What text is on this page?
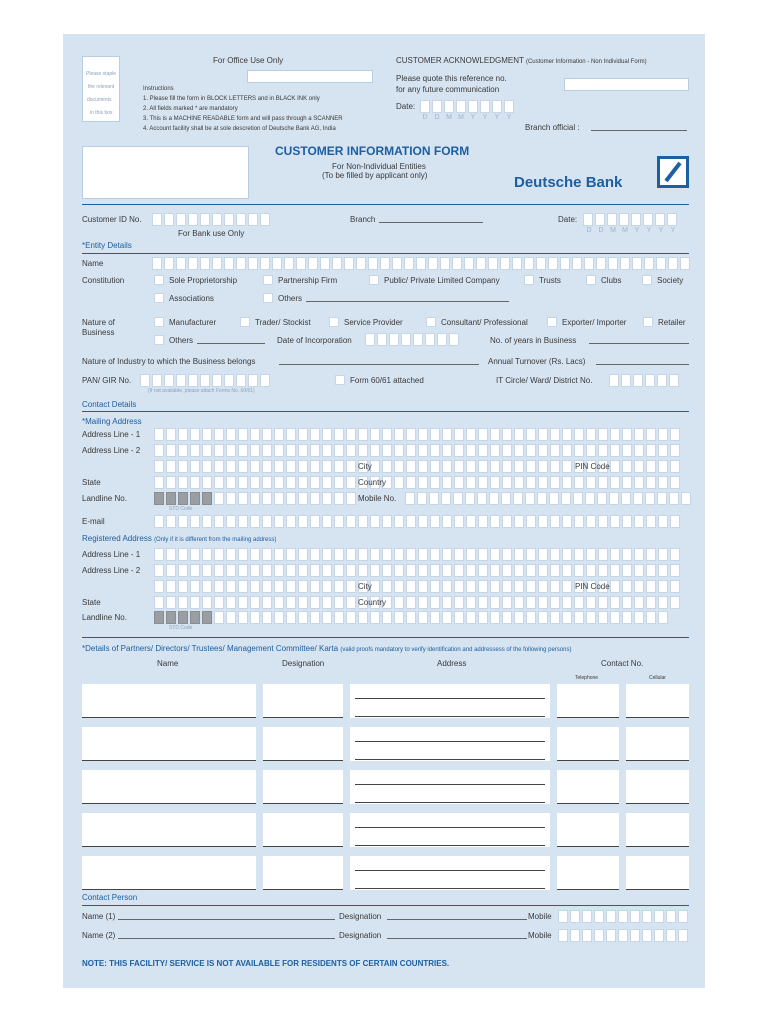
For Office Use Only
Please staple
the relevant
documents
in this box
Instructions
1. Please fill the form in BLOCK LETTERS and in BLACK INK only
2. All fields marked * are mandatory
3. This is a MACHINE READABLE form and will pass through a SCANNER
4. Account facility shall be at sole descretion of Deutsche Bank AG, India
CUSTOMER ACKNOWLEDGMENT (Customer Information - Non Individual Form)
Please quote this reference no.
for any future communication
Date:
D D M M Y	Y	Y	Y
Branch official :
CUSTOMER INFORMATION FORM
For Non-Individual Entities
(To be filled by applicant only)	Deutsche Bank
Customer ID No.
For Bank use Only
Branch	Date:
D D M M Y	Y	Y	Y
*Entity Details
Name
Constitution	Sole Proprietorship	Partnership Firm	Public/ Private Limited Company	Trusts	Clubs	Society
Associations	Others
Nature of
Business
Manufacturer	Trader/ Stockist	Service Provider	Consultant/ Professional	Exporter/ Importer	Retailer
Others	Date of Incorporation	No. of years in Business
Nature of Industry to which the Business belongs	Annual Turnover (Rs. Lacs)
PAN/ GIR No.
(If not available, please attach Forms No. 60/61)
Form 60/61 attached	IT Circle/ Ward/ District No.
Contact Details
*Mailing Address
Address Line - 1
Address Line - 2
City	PIN Code
State	Country
Landline No.
STD Code
Mobile No.
E-mail
Registered Address (Only if it is different from the mailing address)
Address Line - 1
Address Line - 2
City	PIN Code
State	Country
Landline No.
STD Code
*Details of Partners/ Directors/ Trustees/ Management Committee/ Karta (valid proofs mandatory to verify identification and addressess of the following persons)
Name	Designation	Address	Contact No.
Telephone	Cellular
Contact Person
Name (1)	Designation	Mobile
Name (2)	Designation	Mobile
NOTE: THIS FACILITY/ SERVICE IS NOT AVAILABLE FOR RESIDENTS OF CERTAIN COUNTRIES.
